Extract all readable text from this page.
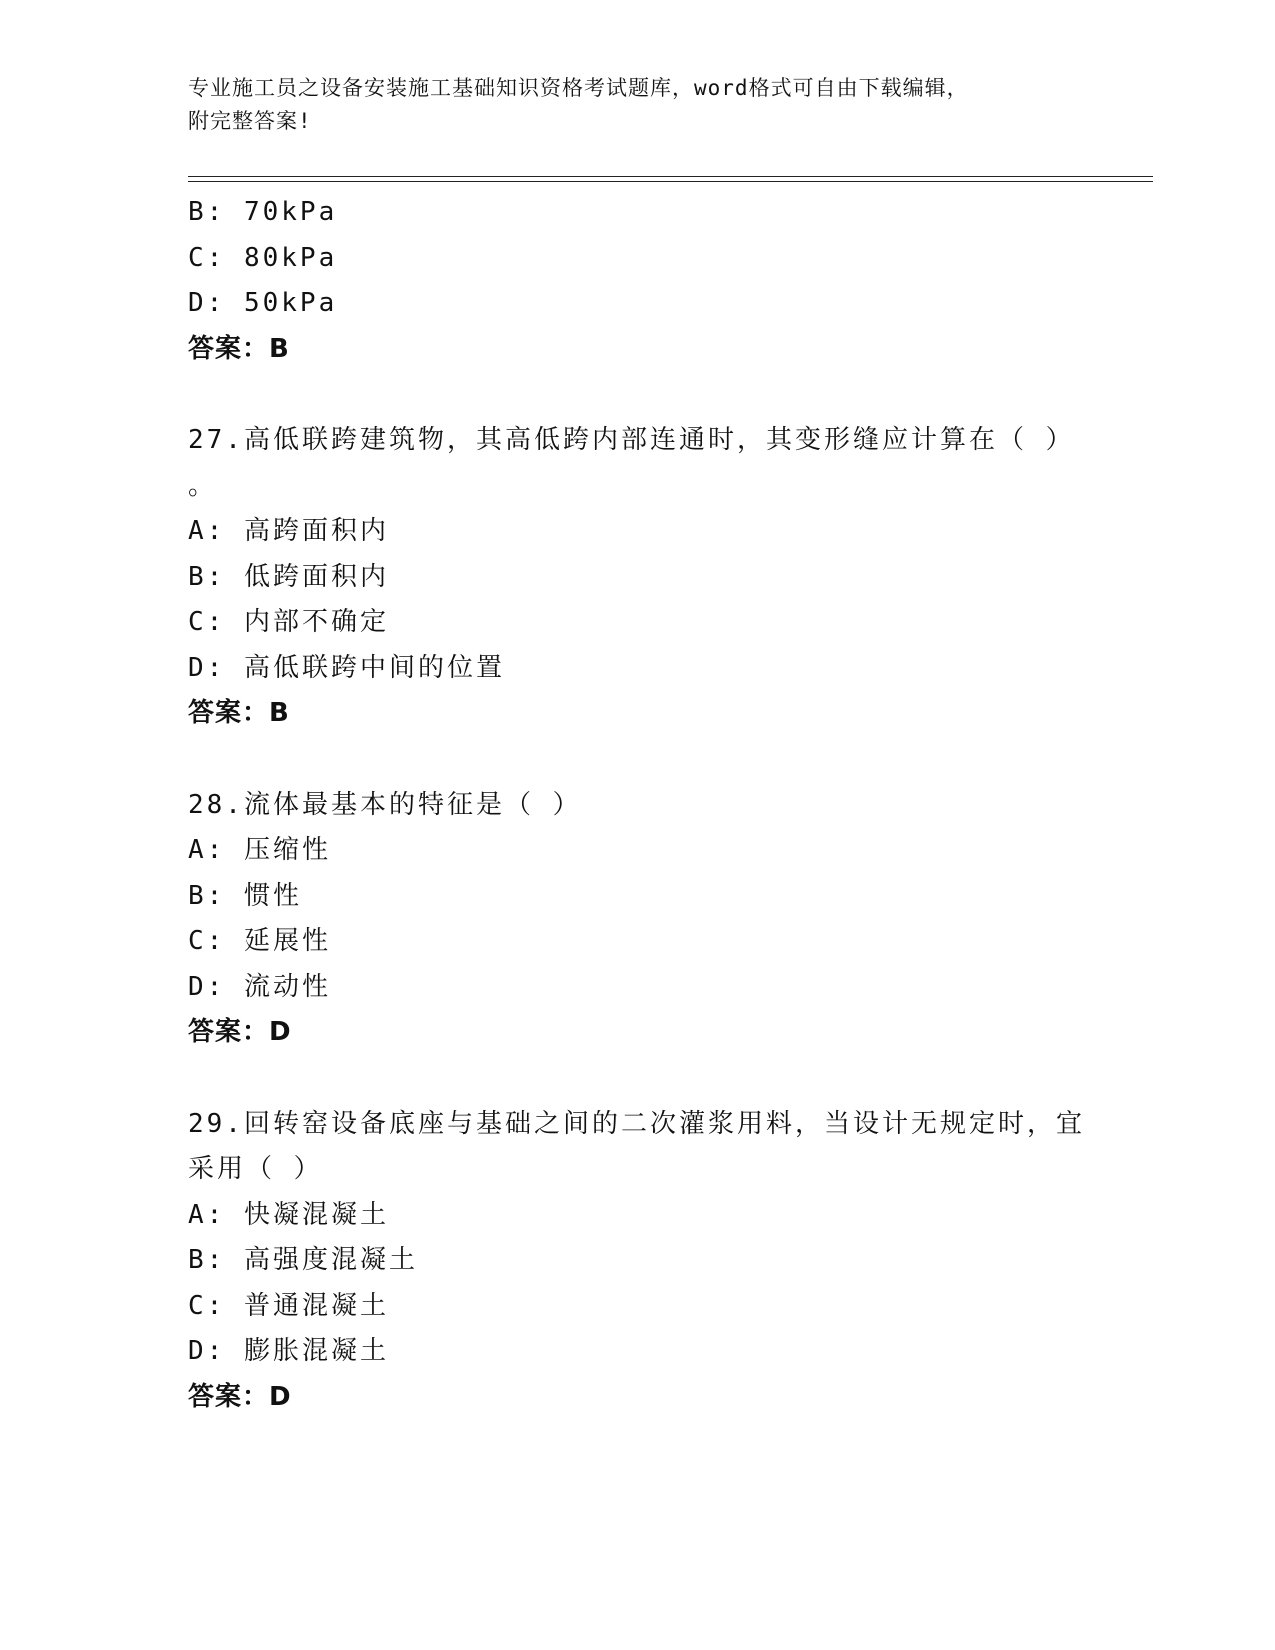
专业施工员之设备安装施工基础知识资格考试题库，word格式可自由下载编辑，
附完整答案!
B: 70kPa
C: 80kPa
D: 50kPa
答案：B
27.高低联跨建筑物，其高低跨内部连通时，其变形缝应计算在（ ）
。
A: 高跨面积内
B: 低跨面积内
C: 内部不确定
D: 高低联跨中间的位置
答案：B
28.流体最基本的特征是（ ）
A: 压缩性
B: 惯性
C: 延展性
D: 流动性
答案：D
29.回转窑设备底座与基础之间的二次灌浆用料，当设计无规定时，宜
采用（ ）
A: 快凝混凝土
B: 高强度混凝土
C: 普通混凝土
D: 膨胀混凝土
答案：D
